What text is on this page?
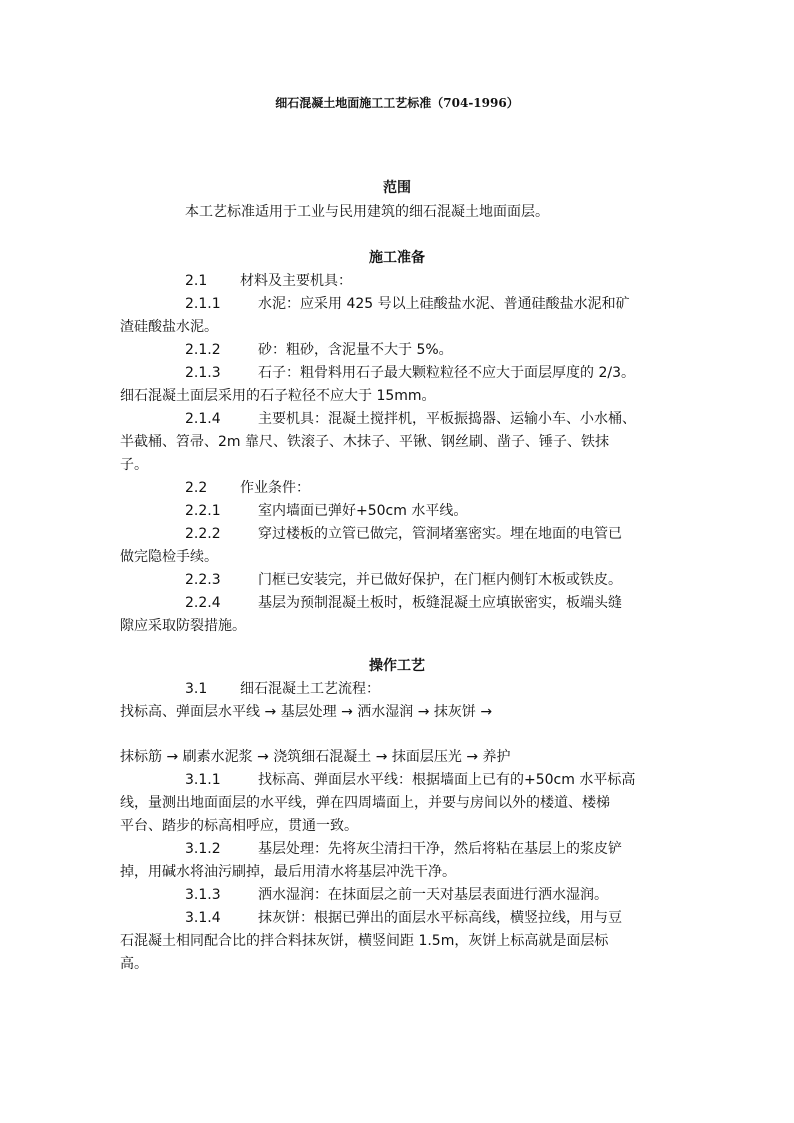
细石混凝土地面施工工艺标准（704-1996）
范围
本工艺标准适用于工业与民用建筑的细石混凝土地面面层。
施工准备
2.1 材料及主要机具：
2.1.1	水泥：应采用 425 号以上硅酸盐水泥、普通硅酸盐水泥和矿
渣硅酸盐水泥。
2.1.2	砂：粗砂，含泥量不大于 5%。
2.1.3	石子：粗骨料用石子最大颗粒粒径不应大于面层厚度的 2/3。
细石混凝土面层采用的石子粒径不应大于 15mm。
2.1.4	主要机具：混凝土搅拌机，平板振捣器、运输小车、小水桶、
半截桶、笤帚、2m 靠尺、铁滚子、木抹子、平锹、钢丝刷、凿子、锤子、铁抹
子。
2.2 作业条件：
2.2.1	室内墙面已弹好+50cm 水平线。
2.2.2	穿过楼板的立管已做完，管洞堵塞密实。埋在地面的电管已
做完隐检手续。
2.2.3	门框已安装完，并已做好保护，在门框内侧钉木板或铁皮。
2.2.4	基层为预制混凝土板时，板缝混凝土应填嵌密实，板端头缝
隙应采取防裂措施。
操作工艺
3.1 细石混凝土工艺流程：
找标高、弹面层水平线 → 基层处理 → 洒水湿润 → 抹灰饼 →
抹标筋 → 刷素水泥浆 → 浇筑细石混凝土 → 抹面层压光 → 养护
3.1.1	找标高、弹面层水平线：根据墙面上已有的+50cm 水平标高
线，量测出地面面层的水平线，弹在四周墙面上，并要与房间以外的楼道、楼梯
平台、踏步的标高相呼应，贯通一致。
3.1.2	基层处理：先将灰尘清扫干净，然后将粘在基层上的浆皮铲
掉，用碱水将油污刷掉，最后用清水将基层冲洗干净。
3.1.3	洒水湿润：在抹面层之前一天对基层表面进行洒水湿润。
3.1.4	抹灰饼：根据已弹出的面层水平标高线，横竖拉线，用与豆
石混凝土相同配合比的拌合料抹灰饼，横竖间距 1.5m，灰饼上标高就是面层标
高。
